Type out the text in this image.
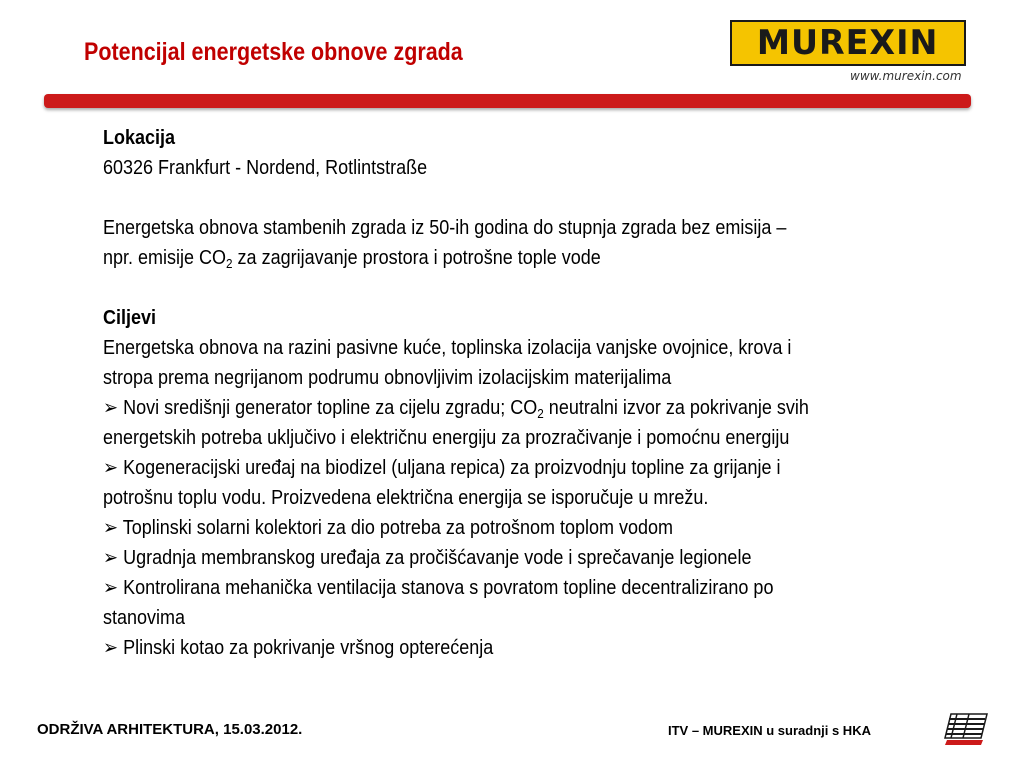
Potencijal energetske obnove zgrada	MUREXIN
www.murexin.com

Lokacija

60326 Frankfurt - Nordend, Rotlintstraße

Energetska obnova stambenih zgrada iz 50-ih godina do stupnja zgrada bez emisija –

npr. emisije $CO_2$ za zagrijavanje prostora i potrošne tople vode

Ciljevi

Energetska obnova na razini pasivne kuće, toplinska izolacija vanjske ovojnice, krova i

stropa prema negrijanom podrumu obnovljivim izolacijskim materijalima

➢ Novi središnji generator topline za cijelu zgradu; $CO_2$ neutralni izvor za pokrivanje svih

energetskih potreba uključivo i električnu energiju za prozračivanje i pomoćnu energiju

➢ Kogeneracijski uređaj na biodizel (uljana repica) za proizvodnju topline za grijanje i

potrošnu toplu vodu. Proizvedena električna energija se isporučuje u mrežu.

➢ Toplinski solarni kolektori za dio potreba za potrošnom toplom vodom

➢ Ugradnja membranskog uređaja za pročišćavanje vode i sprečavanje legionele

➢ Kontrolirana mehanička ventilacija stanova s povratom topline decentralizirano po

stanovima

➢ Plinski kotao za pokrivanje vršnog opterećenja

ODRŽIVA ARHITEKTURA, 15.03.2012.	ITV – MUREXIN u suradnji s HKA
